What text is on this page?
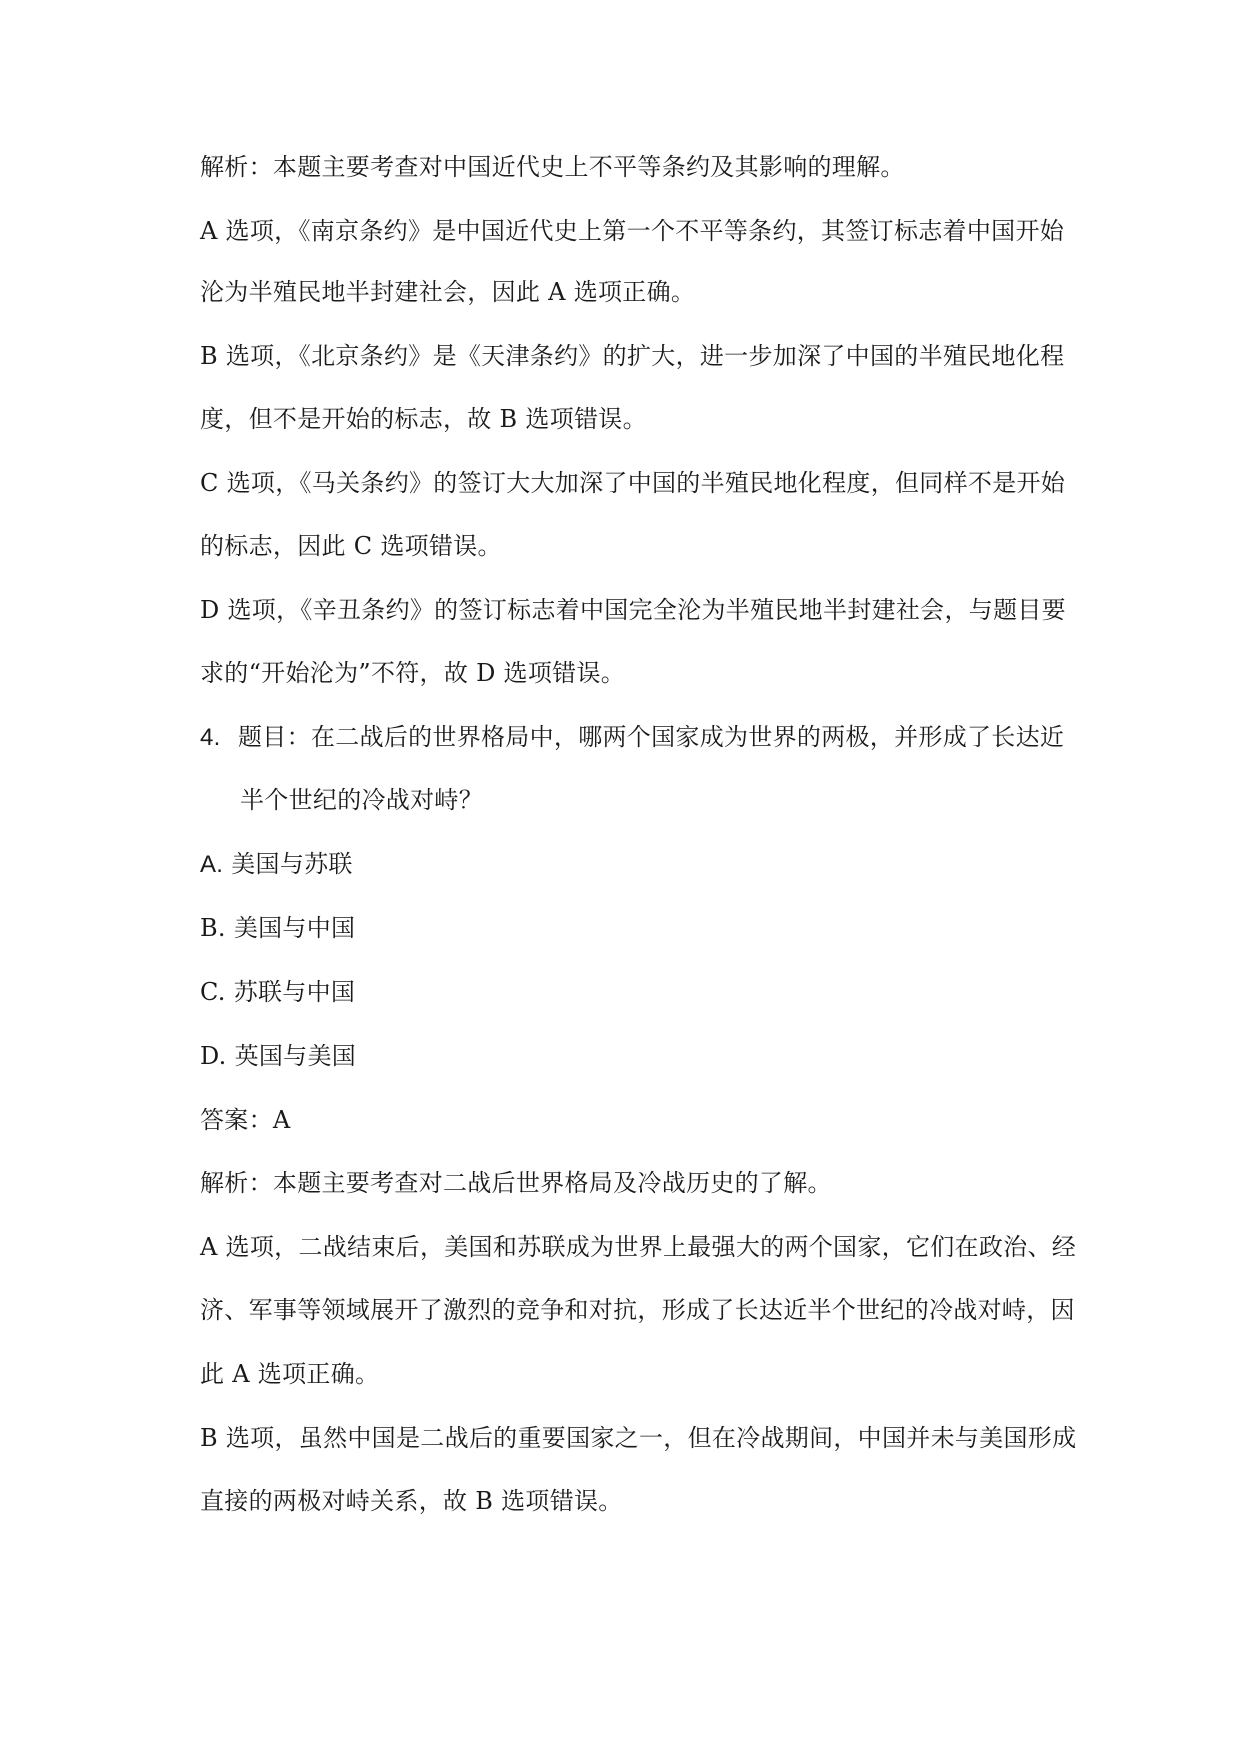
解析：本题主要考查对中国近代史上不平等条约及其影响的理解。
A 选项，《南京条约》是中国近代史上第一个不平等条约，其签订标志着中国开始
沦为半殖民地半封建社会，因此 A 选项正确。
B 选项，《北京条约》是《天津条约》的扩大，进一步加深了中国的半殖民地化程
度，但不是开始的标志，故 B 选项错误。
C 选项，《马关条约》的签订大大加深了中国的半殖民地化程度，但同样不是开始
的标志，因此 C 选项错误。
D 选项，《辛丑条约》的签订标志着中国完全沦为半殖民地半封建社会，与题目要
求的“开始沦为”不符，故 D 选项错误。
4. 题目：在二战后的世界格局中，哪两个国家成为世界的两极，并形成了长达近
半个世纪的冷战对峙？
A. 美国与苏联
B. 美国与中国
C. 苏联与中国
D. 英国与美国
答案：A
解析：本题主要考查对二战后世界格局及冷战历史的了解。
A 选项，二战结束后，美国和苏联成为世界上最强大的两个国家，它们在政治、经
济、军事等领域展开了激烈的竞争和对抗，形成了长达近半个世纪的冷战对峙，因
此 A 选项正确。
B 选项，虽然中国是二战后的重要国家之一，但在冷战期间，中国并未与美国形成
直接的两极对峙关系，故 B 选项错误。
